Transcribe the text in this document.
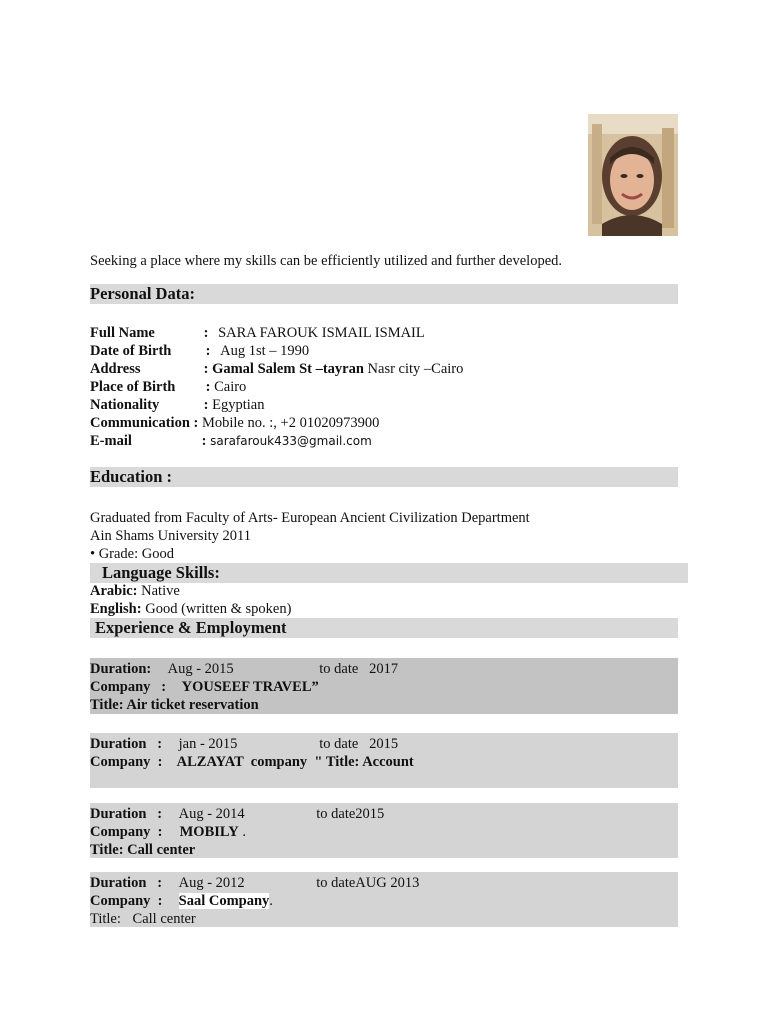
Seeking a place where my skills can be efficiently utilized and further developed.
Personal Data:
Full Name	: SARA FAROUK ISMAIL ISMAIL
Date of Birth : Aug 1st – 1990
Address	: Gamal Salem St –tayran Nasr city –Cairo
Place of Birth : Cairo
Nationality	: Egyptian
Communication : Mobile no. :, +2 01020973900
E-mail	: sarafarouk433@gmail.com
Education :
Graduated from Faculty of Arts- European Ancient Civilization Department
Ain Shams University 2011
• Grade: Good
Language Skills:
Arabic: Native
English: Good (written & spoken)
Experience & Employment
Duration: Aug - 2015	to date   2017
Company   : YOUSEEF TRAVEL”
Title: Air ticket reservation
Duration   : jan - 2015	to date   2015
Company  : ALZAYAT  company  " Title: Account
Duration   : Aug - 2014	to date2015
Company  : MOBILY .
Title: Call center
Duration   : Aug - 2012	to dateAUG 2013
Company  : Saal Company.
Title: Call center
